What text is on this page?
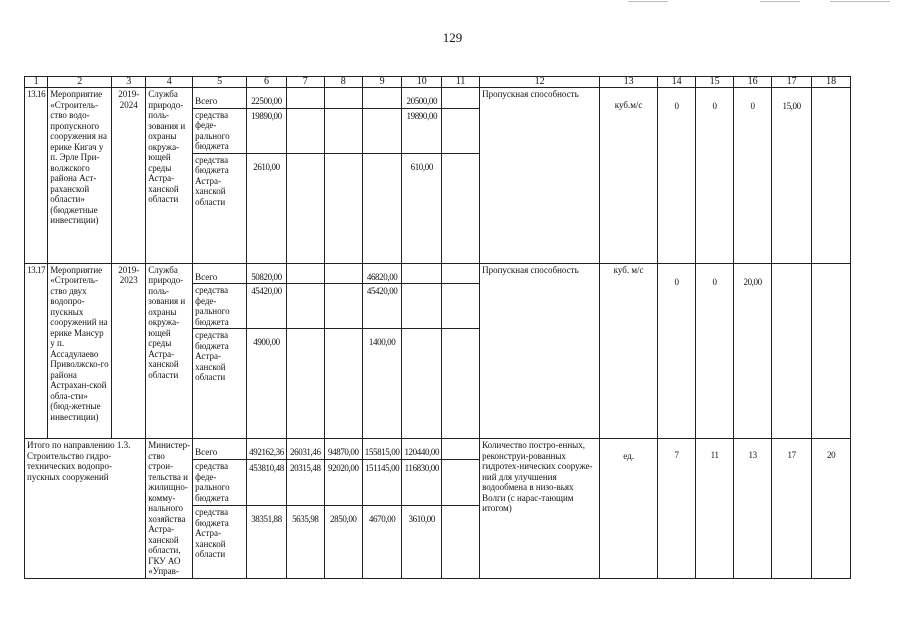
129
1	2	3	4	5	6	7	8	9	10	11	12	13	14	15	16	17	18
13.16	Мероприятие «Строитель-ство водо-пропускного сооружения на ерике Кигач у п. Эрле При-волжского района Аст-раханской области» (бюджетные инвестиции)	2019-2024	Служба природо-поль-зования и охраны окружа-ющей среды Астра-ханской области	Всего	22500,00				20500,00		Пропускная способность	куб.м/с	0	0	0	15,00	
				средства феде-рального бюджета	19890,00				19890,00								
				средства бюджета Астра-ханской области	2610,00				610,00								
13.17	Мероприятие «Строитель-ство двух водопро-пускных сооружений на ерике Мансур у п. Ассадулаево Приволжско-го района Астрахан-ской обла-сти» (бюд-жетные инвестиции)	2019-2023	Служба природо-поль-зования и охраны окружа-ющей среды Астра-ханской области	Всего	50820,00			46820,00			Пропускная способность	куб. м/с	0	0	20,00		
				средства феде-рального бюджета	45420,00			45420,00									
				средства бюджета Астра-ханской области	4900,00			1400,00									
Итого по направлению 1.3. Строительство гидро-технических водопро-пускных сооружений			Министер-ство строи-тельства и жилищно-комму-нального хозяйства Астра-ханской области, ГКУ АО «Управ-	Всего	492162,36	26031,46	94870,00	155815,00	120440,00		Количество постро-енных, реконструи-рованных гидротех-нических сооруже-ний для улучшения водообмена в низо-вьях Волги (с нарас-тающим итогом)	ед.	7	11	13	17	20
				средства феде-рального бюджета	453810,48	20315,48	92020,00	151145,00	116830,00								
				средства бюджета Астра-ханской области	38351,88	5635,98	2850,00	4670,00	3610,00								
